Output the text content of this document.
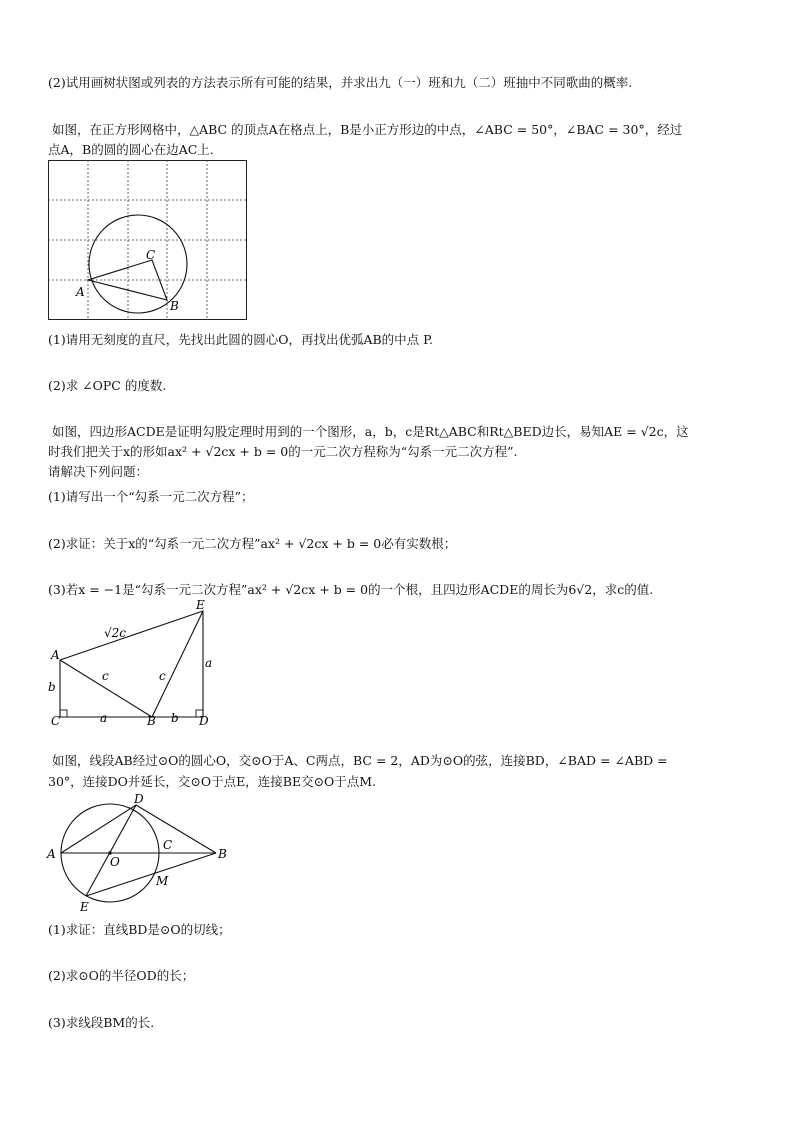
(2)试用画树状图或列表的方法表示所有可能的结果，并求出九（一）班和九（二）班抽中不同歌曲的概率.
如图，在正方形网格中，△ABC 的顶点A在格点上，B是小正方形边的中点，∠ABC = 50°，∠BAC = 30°，经过
点A，B的圆的圆心在边AC上.
A
B
C
(1)请用无刻度的直尺，先找出此圆的圆心O，再找出优弧AB的中点 P.
(2)求 ∠OPC 的度数.
如图，四边形ACDE是证明勾股定理时用到的一个图形，a，b，c是Rt△ABC和Rt△BED边长，易知AE = √2c，这
时我们把关于x的形如ax² + √2cx + b = 0的一元二次方程称为“勾系一元二次方程”.
请解决下列问题：
(1)请写出一个“勾系一元二次方程”；
(2)求证：关于x的“勾系一元二次方程”ax² + √2cx + b = 0必有实数根；
(3)若x = −1是“勾系一元二次方程”ax² + √2cx + b = 0的一个根，且四边形ACDE的周长为6√2，求c的值.
A
E
C	B	D
√2c
a
b
a	b
c	c
如图，线段AB经过⊙O的圆心O，交⊙O于A、C两点，BC = 2，AD为⊙O的弦，连接BD，∠BAD = ∠ABD =
30°，连接DO并延长，交⊙O于点E，连接BE交⊙O于点M.
A	B
C
D
E
M
O
(1)求证：直线BD是⊙O的切线；
(2)求⊙O的半径OD的长；
(3)求线段BM的长.
